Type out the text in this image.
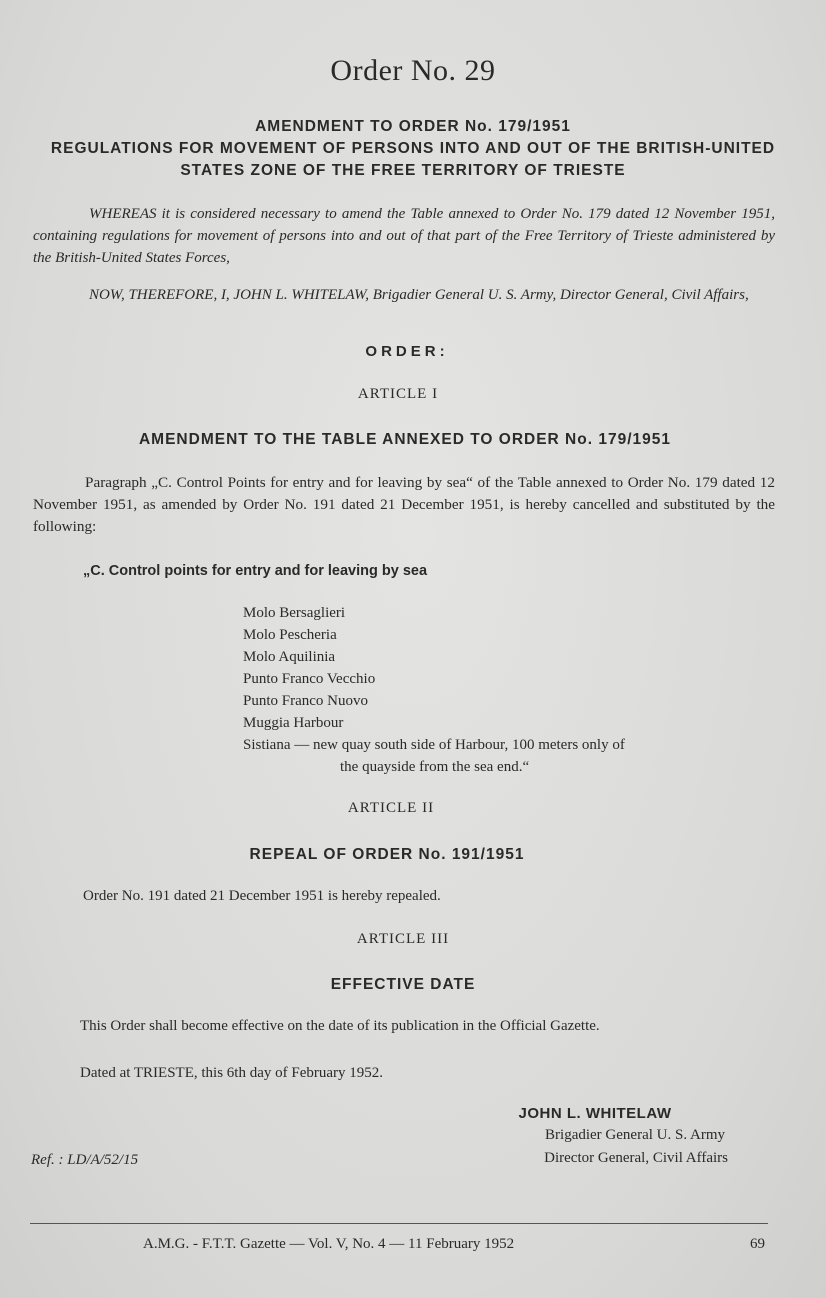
Order No. 29
AMENDMENT TO ORDER No. 179/1951
REGULATIONS FOR MOVEMENT OF PERSONS INTO AND OUT OF THE BRITISH-UNITED
STATES ZONE OF THE FREE TERRITORY OF TRIESTE
WHEREAS it is considered necessary to amend the Table annexed to Order No. 179 dated 12 November 1951, containing regulations for movement of persons into and out of that part of the Free Territory of Trieste administered by the British-United States Forces,
NOW, THEREFORE, I, JOHN L. WHITELAW, Brigadier General U. S. Army, Director General, Civil Affairs,
ORDER:
ARTICLE I
AMENDMENT TO THE TABLE ANNEXED TO ORDER No. 179/1951
Paragraph „C. Control Points for entry and for leaving by sea“ of the Table annexed to Order No. 179 dated 12 November 1951, as amended by Order No. 191 dated 21 December 1951, is hereby cancelled and substituted by the following:
„C. Control points for entry and for leaving by sea
Molo Bersaglieri
Molo Pescheria
Molo Aquilinia
Punto Franco Vecchio
Punto Franco Nuovo
Muggia Harbour
Sistiana — new quay south side of Harbour, 100 meters only of
the quayside from the sea end.“
ARTICLE II
REPEAL OF ORDER No. 191/1951
Order No. 191 dated 21 December 1951 is hereby repealed.
ARTICLE III
EFFECTIVE DATE
This Order shall become effective on the date of its publication in the Official Gazette.
Dated at TRIESTE, this 6th day of February 1952.
JOHN L. WHITELAW
Brigadier General U. S. Army
Director General, Civil Affairs
Ref. : LD/A/52/15
A.M.G. - F.T.T. Gazette — Vol. V, No. 4 — 11 February 1952	69
